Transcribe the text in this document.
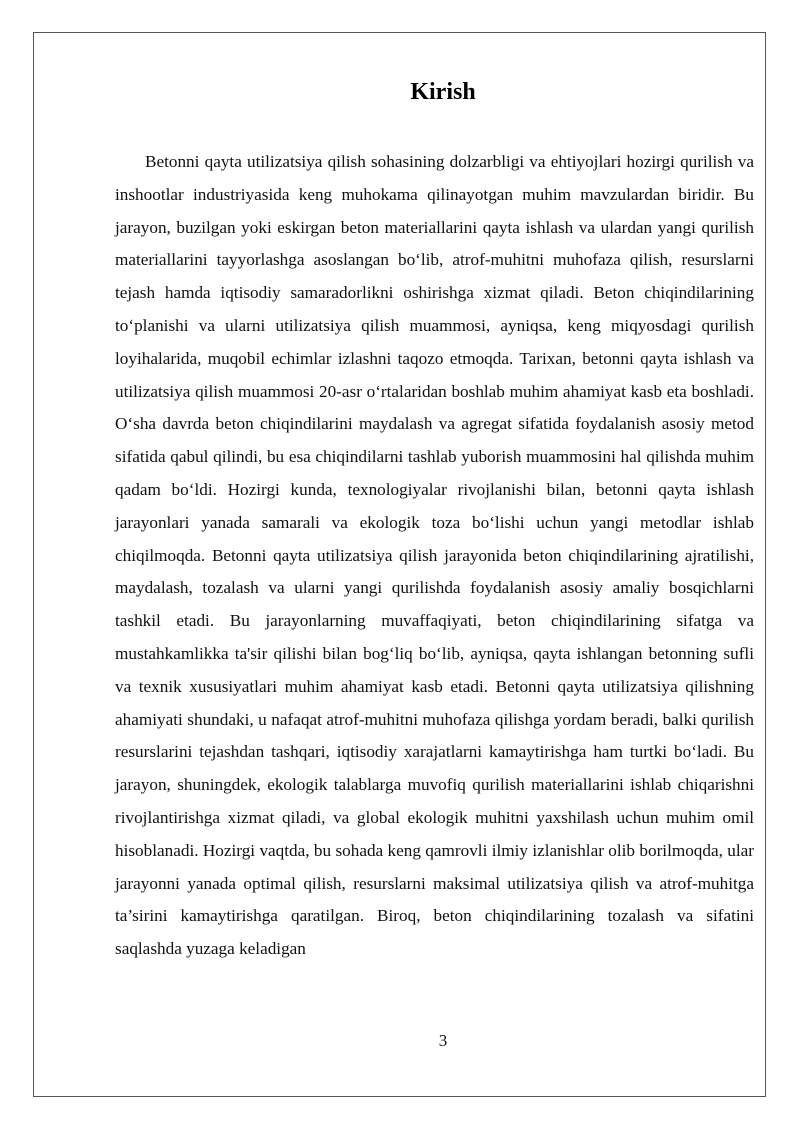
Kirish

Betonni qayta utilizatsiya qilish sohasining dolzarbligi va ehtiyojlari hozirgi qurilish va inshootlar industriyasida keng muhokama qilinayotgan muhim mavzulardan biridir. Bu jarayon, buzilgan yoki eskirgan beton materiallarini qayta ishlash va ulardan yangi qurilish materiallarini tayyorlashga asoslangan bo‘lib, atrof-muhitni muhofaza qilish, resurslarni tejash hamda iqtisodiy samaradorlikni oshirishga xizmat qiladi. Beton chiqindilarining to‘planishi va ularni utilizatsiya qilish muammosi, ayniqsa, keng miqyosdagi qurilish loyihalarida, muqobil echimlar izlashni taqozo etmoqda. Tarixan, betonni qayta ishlash va utilizatsiya qilish muammosi 20-asr o‘rtalaridan boshlab muhim ahamiyat kasb eta boshladi. O‘sha davrda beton chiqindilarini maydalash va agregat sifatida foydalanish asosiy metod sifatida qabul qilindi, bu esa chiqindilarni tashlab yuborish muammosini hal qilishda muhim qadam bo‘ldi. Hozirgi kunda, texnologiyalar rivojlanishi bilan, betonni qayta ishlash jarayonlari yanada samarali va ekologik toza bo‘lishi uchun yangi metodlar ishlab chiqilmoqda. Betonni qayta utilizatsiya qilish jarayonida beton chiqindilarining ajratilishi, maydalash, tozalash va ularni yangi qurilishda foydalanish asosiy amaliy bosqichlarni tashkil etadi. Bu jarayonlarning muvaffaqiyati, beton chiqindilarining sifatga va mustahkamlikka ta'sir qilishi bilan bog‘liq bo‘lib, ayniqsa, qayta ishlangan betonning sufli va texnik xususiyatlari muhim ahamiyat kasb etadi. Betonni qayta utilizatsiya qilishning ahamiyati shundaki, u nafaqat atrof-muhitni muhofaza qilishga yordam beradi, balki qurilish resurslarini tejashdan tashqari, iqtisodiy xarajatlarni kamaytirishga ham turtki bo‘ladi. Bu jarayon, shuningdek, ekologik talablarga muvofiq qurilish materiallarini ishlab chiqarishni rivojlantirishga xizmat qiladi, va global ekologik muhitni yaxshilash uchun muhim omil hisoblanadi. Hozirgi vaqtda, bu sohada keng qamrovli ilmiy izlanishlar olib borilmoqda, ular jarayonni yanada optimal qilish, resurslarni maksimal utilizatsiya qilish va atrof-muhitga ta’sirini kamaytirishga qaratilgan. Biroq, beton chiqindilarining tozalash va sifatini saqlashda yuzaga keladigan

3
